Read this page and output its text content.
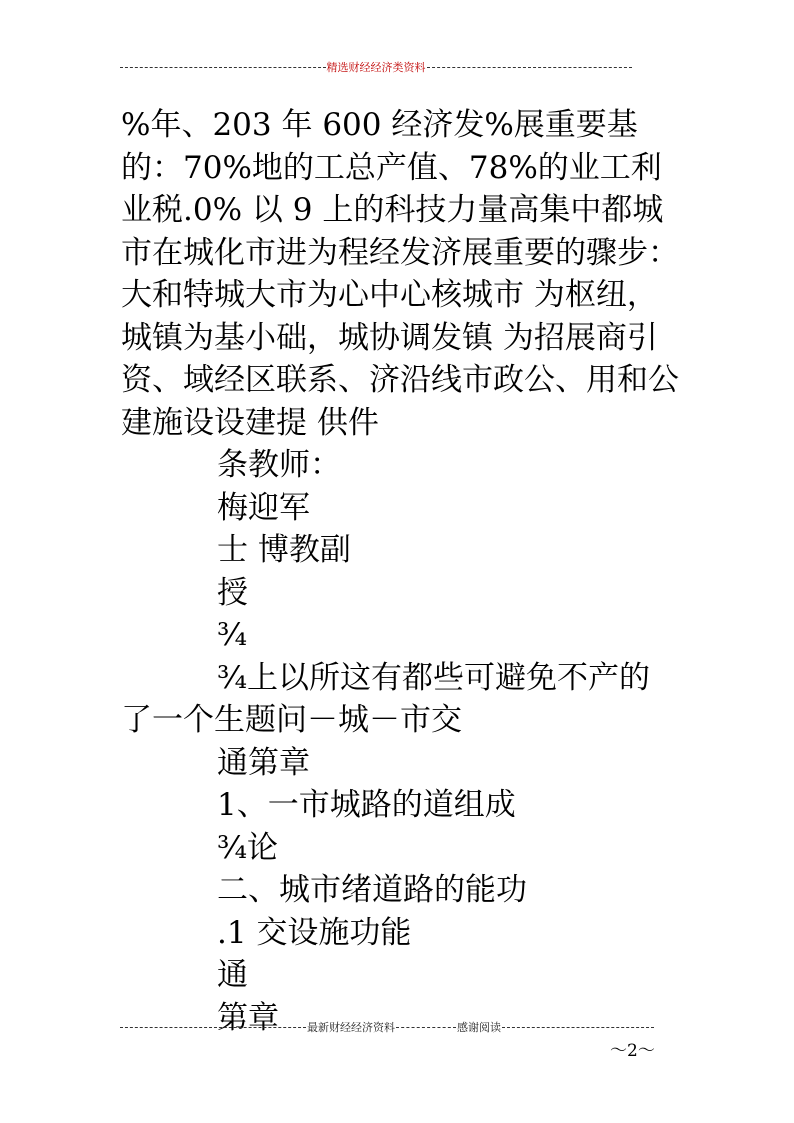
精选财经经济类资料

%年、203 年 600 经济发%展重要基的：70%地的工总产值、78%的业工利业税.0% 以 9 上的科技力量高集中都城市在城化市进为程经发济展重要的骤步：大和特城大市为心中心核城市 为枢纽，城镇为基小础，城协调发镇 为招展商引资、域经区联系、济沿线市政公、用和公建施设设建提 供件

条教师：

梅迎军

士 博教副

授

¾

¾上以所这有都些可避免不产的了一个生题问－城－市交

通第章

1、一市城路的道组成

¾论

二、城市绪道路的能功

.1 交设施功能

通

第章	最新财经经济资料	感谢阅读
～2～
